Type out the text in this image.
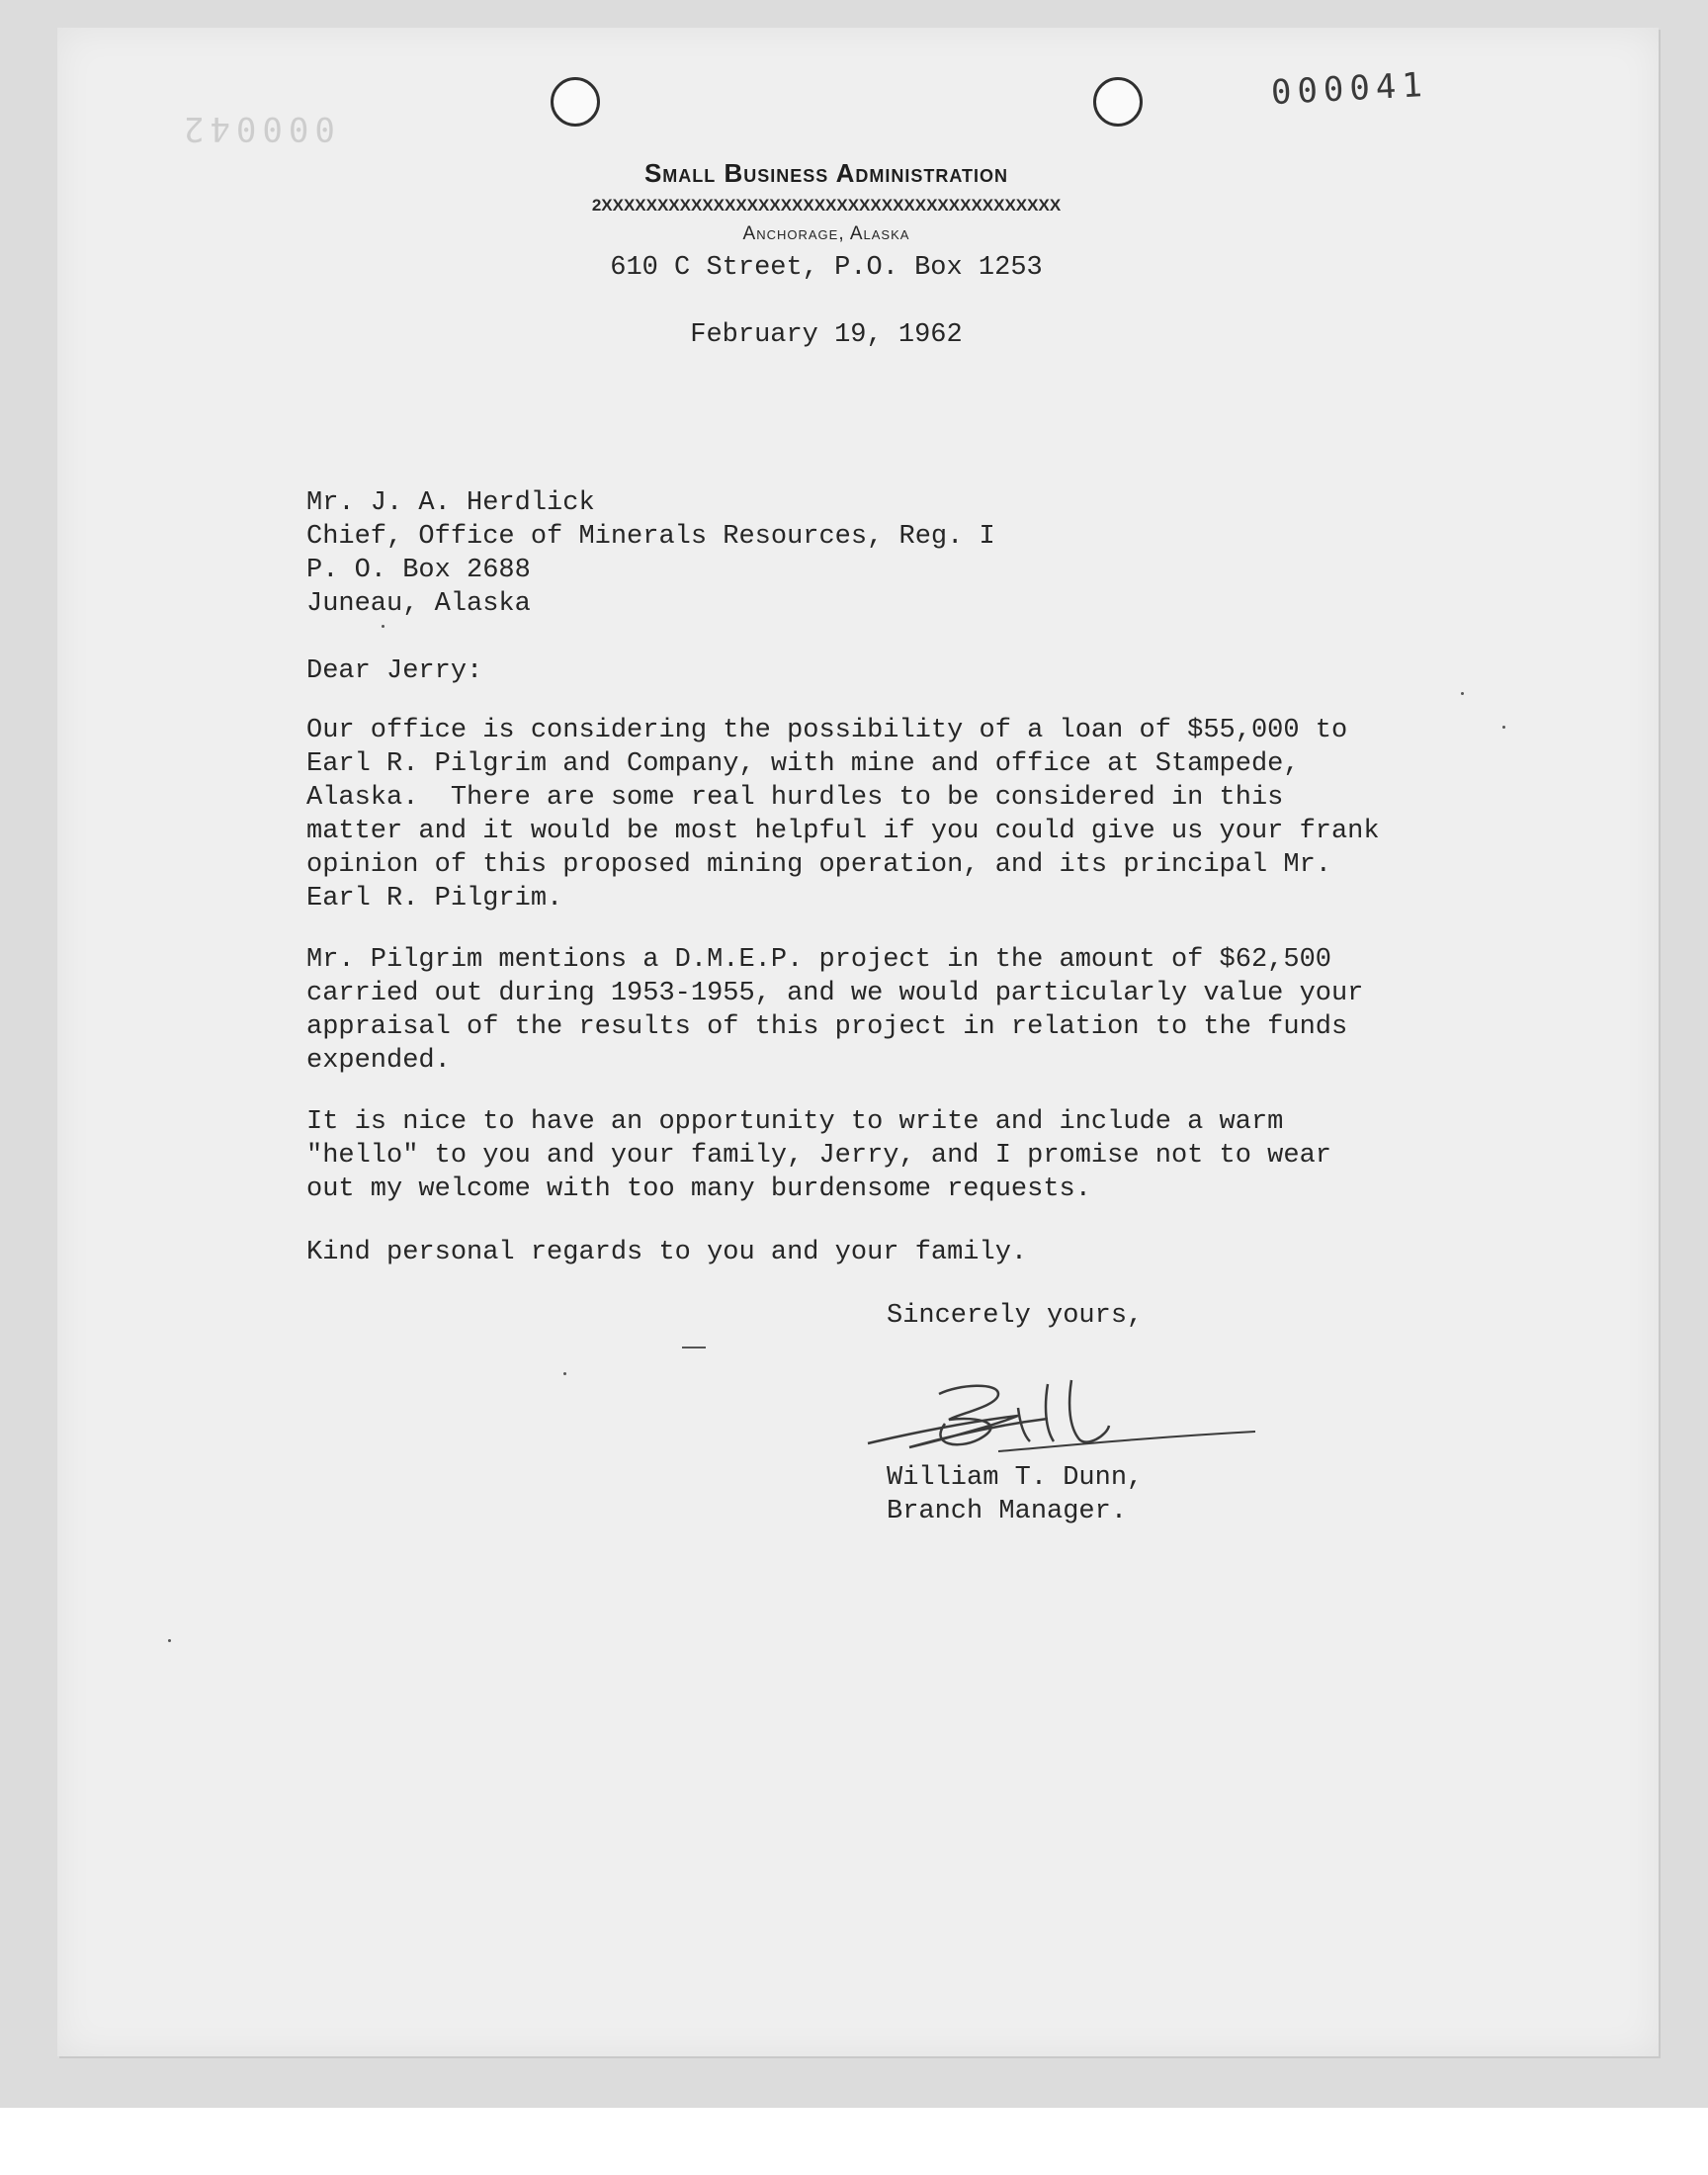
000041
000042
Small Business Administration
2XXXXXXXXXXXXXXXXXXXXXXXXXXXXXXXXXXXXXXXXX
Anchorage, Alaska
610 C Street, P.O. Box 1253
February 19, 1962
Mr. J. A. Herdlick
Chief, Office of Minerals Resources, Reg. I
P. O. Box 2688
Juneau, Alaska
Dear Jerry:
Our office is considering the possibility of a loan of $55,000 to
Earl R. Pilgrim and Company, with mine and office at Stampede,
Alaska.  There are some real hurdles to be considered in this
matter and it would be most helpful if you could give us your frank
opinion of this proposed mining operation, and its principal Mr.
Earl R. Pilgrim.
Mr. Pilgrim mentions a D.M.E.P. project in the amount of $62,500
carried out during 1953-1955, and we would particularly value your
appraisal of the results of this project in relation to the funds
expended.
It is nice to have an opportunity to write and include a warm
"hello" to you and your family, Jerry, and I promise not to wear
out my welcome with too many burdensome requests.
Kind personal regards to you and your family.
Sincerely yours,
William T. Dunn,
Branch Manager.
